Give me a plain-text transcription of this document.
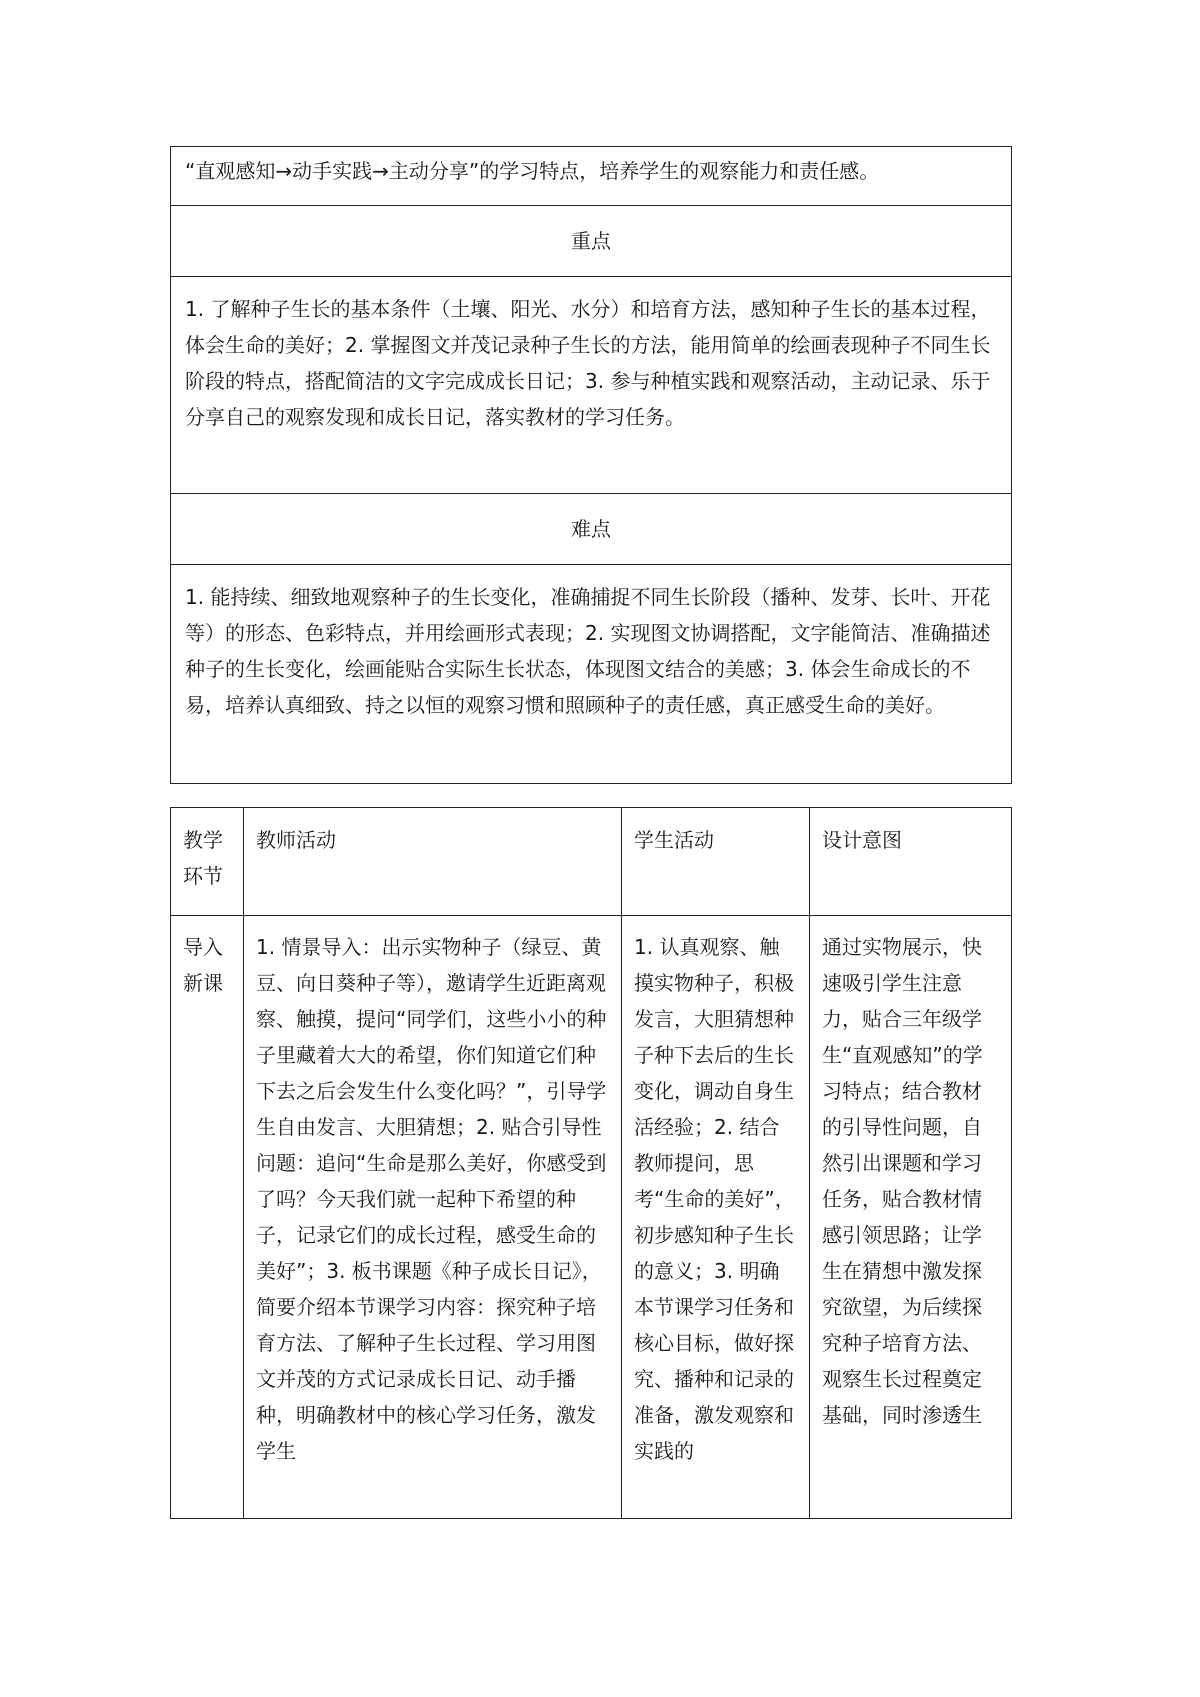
“直观感知→动手实践→主动分享”的学习特点，培养学生的观察能力和责任感。
重点
1. 了解种子生长的基本条件（土壤、阳光、水分）和培育方法，感知种子生长的基本过程，体会生命的美好；2. 掌握图文并茂记录种子生长的方法，能用简单的绘画表现种子不同生长阶段的特点，搭配简洁的文字完成成长日记；3. 参与种植实践和观察活动，主动记录、乐于分享自己的观察发现和成长日记，落实教材的学习任务。
难点
1. 能持续、细致地观察种子的生长变化，准确捕捉不同生长阶段（播种、发芽、长叶、开花等）的形态、色彩特点，并用绘画形式表现；2. 实现图文协调搭配，文字能简洁、准确描述种子的生长变化，绘画能贴合实际生长状态，体现图文结合的美感；3. 体会生命成长的不易，培养认真细致、持之以恒的观察习惯和照顾种子的责任感，真正感受生命的美好。
教学环节
教师活动	学生活动	设计意图
导入新课
1. 情景导入：出示实物种子（绿豆、黄豆、向日葵种子等），邀请学生近距离观察、触摸，提问“同学们，这些小小的种子里藏着大大的希望，你们知道它们种下去之后会发生什么变化吗？”，引导学生自由发言、大胆猜想；2. 贴合引导性问题：追问“生命是那么美好，你感受到了吗？今天我们就一起种下希望的种子，记录它们的成长过程，感受生命的美好”；3. 板书课题《种子成长日记》，简要介绍本节课学习内容：探究种子培育方法、了解种子生长过程、学习用图文并茂的方式记录成长日记、动手播种，明确教材中的核心学习任务，激发学生
1. 认真观察、触摸实物种子，积极发言，大胆猜想种子种下去后的生长变化，调动自身生活经验；2. 结合教师提问，思考“生命的美好”，初步感知种子生长的意义；3. 明确本节课学习任务和核心目标，做好探究、播种和记录的准备，激发观察和实践的
通过实物展示，快速吸引学生注意力，贴合三年级学生“直观感知”的学习特点；结合教材的引导性问题，自然引出课题和学习任务，贴合教材情感引领思路；让学生在猜想中激发探究欲望，为后续探究种子培育方法、观察生长过程奠定基础，同时渗透生
